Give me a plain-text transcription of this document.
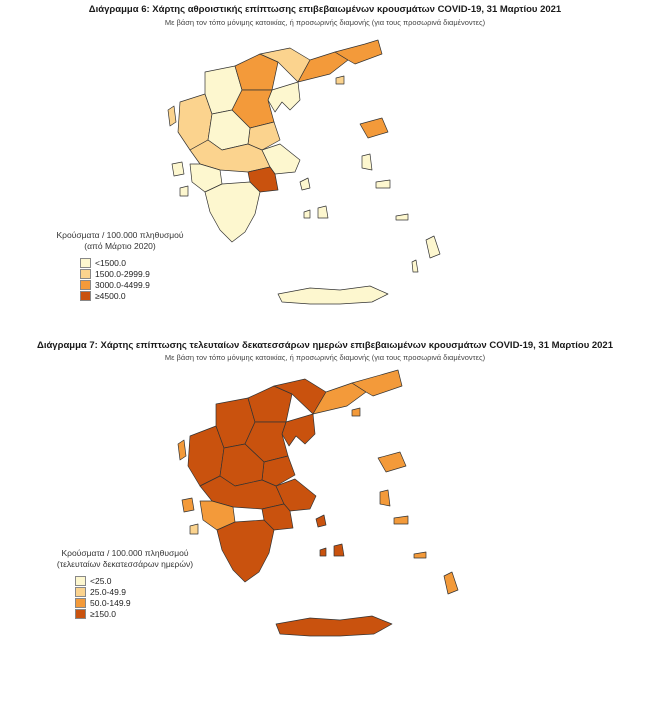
Διάγραμμα 6: Χάρτης αθροιστικής επίπτωσης επιβεβαιωμένων κρουσμάτων COVID-19, 31 Μαρτίου 2021
Με βάση τον τόπο μόνιμης κατοικίας, ή προσωρινής διαμονής (για τους προσωρινά διαμένοντες)
Κρούσματα / 100.000 πληθυσμού
(από Μάρτιο 2020)
<1500.0
1500.0-2999.9
3000.0-4499.9
≥4500.0
Διάγραμμα 7: Χάρτης επίπτωσης τελευταίων δεκατεσσάρων ημερών επιβεβαιωμένων κρουσμάτων COVID-19, 31 Μαρτίου 2021
Με βάση τον τόπο μόνιμης κατοικίας, ή προσωρινής διαμονής (για τους προσωρινά διαμένοντες)
Κρούσματα / 100.000 πληθυσμού
(τελευταίων δεκατεσσάρων ημερών)
<25.0
25.0-49.9
50.0-149.9
≥150.0
